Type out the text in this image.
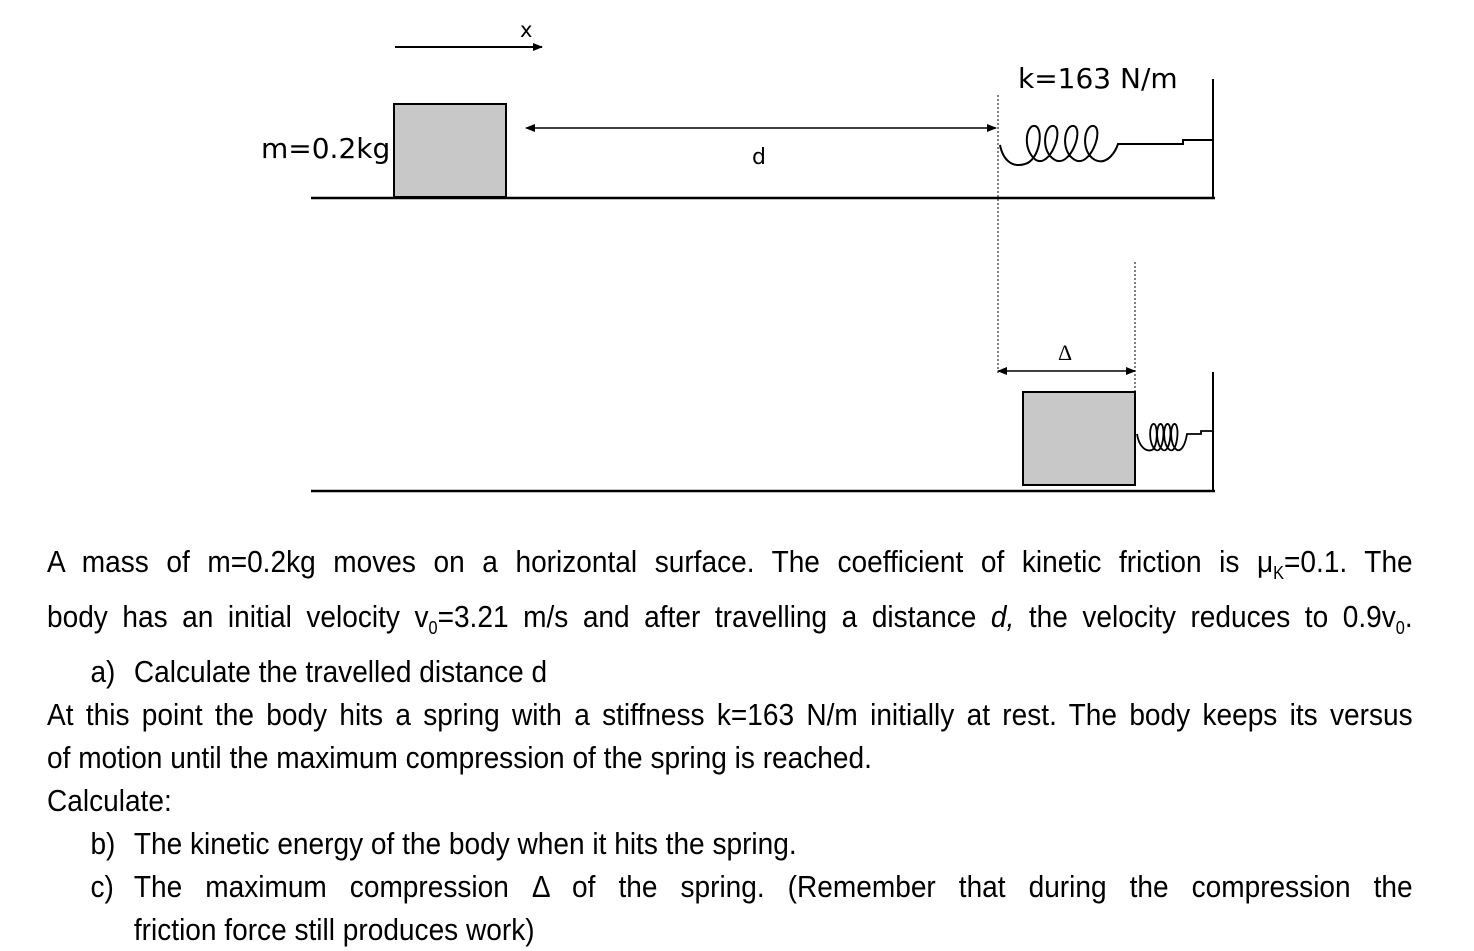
x
m=0.2kg	d
k=163 N/m
Δ

A mass of m=0.2kg moves on a horizontal surface. The coefficient of kinetic friction is $\mu_K=0.1$. The

body has an initial velocity $v_0=3.21$ m/s and after travelling a distance d, the velocity reduces to $0.9v_0$.

a) Calculate the travelled distance d

At this point the body hits a spring with a stiffness k=163 N/m initially at rest. The body keeps its versus

of motion until the maximum compression of the spring is reached.

Calculate:

b) The kinetic energy of the body when it hits the spring.
c) The maximum compression Δ of the spring. (Remember that during the compression the
friction force still produces work)
